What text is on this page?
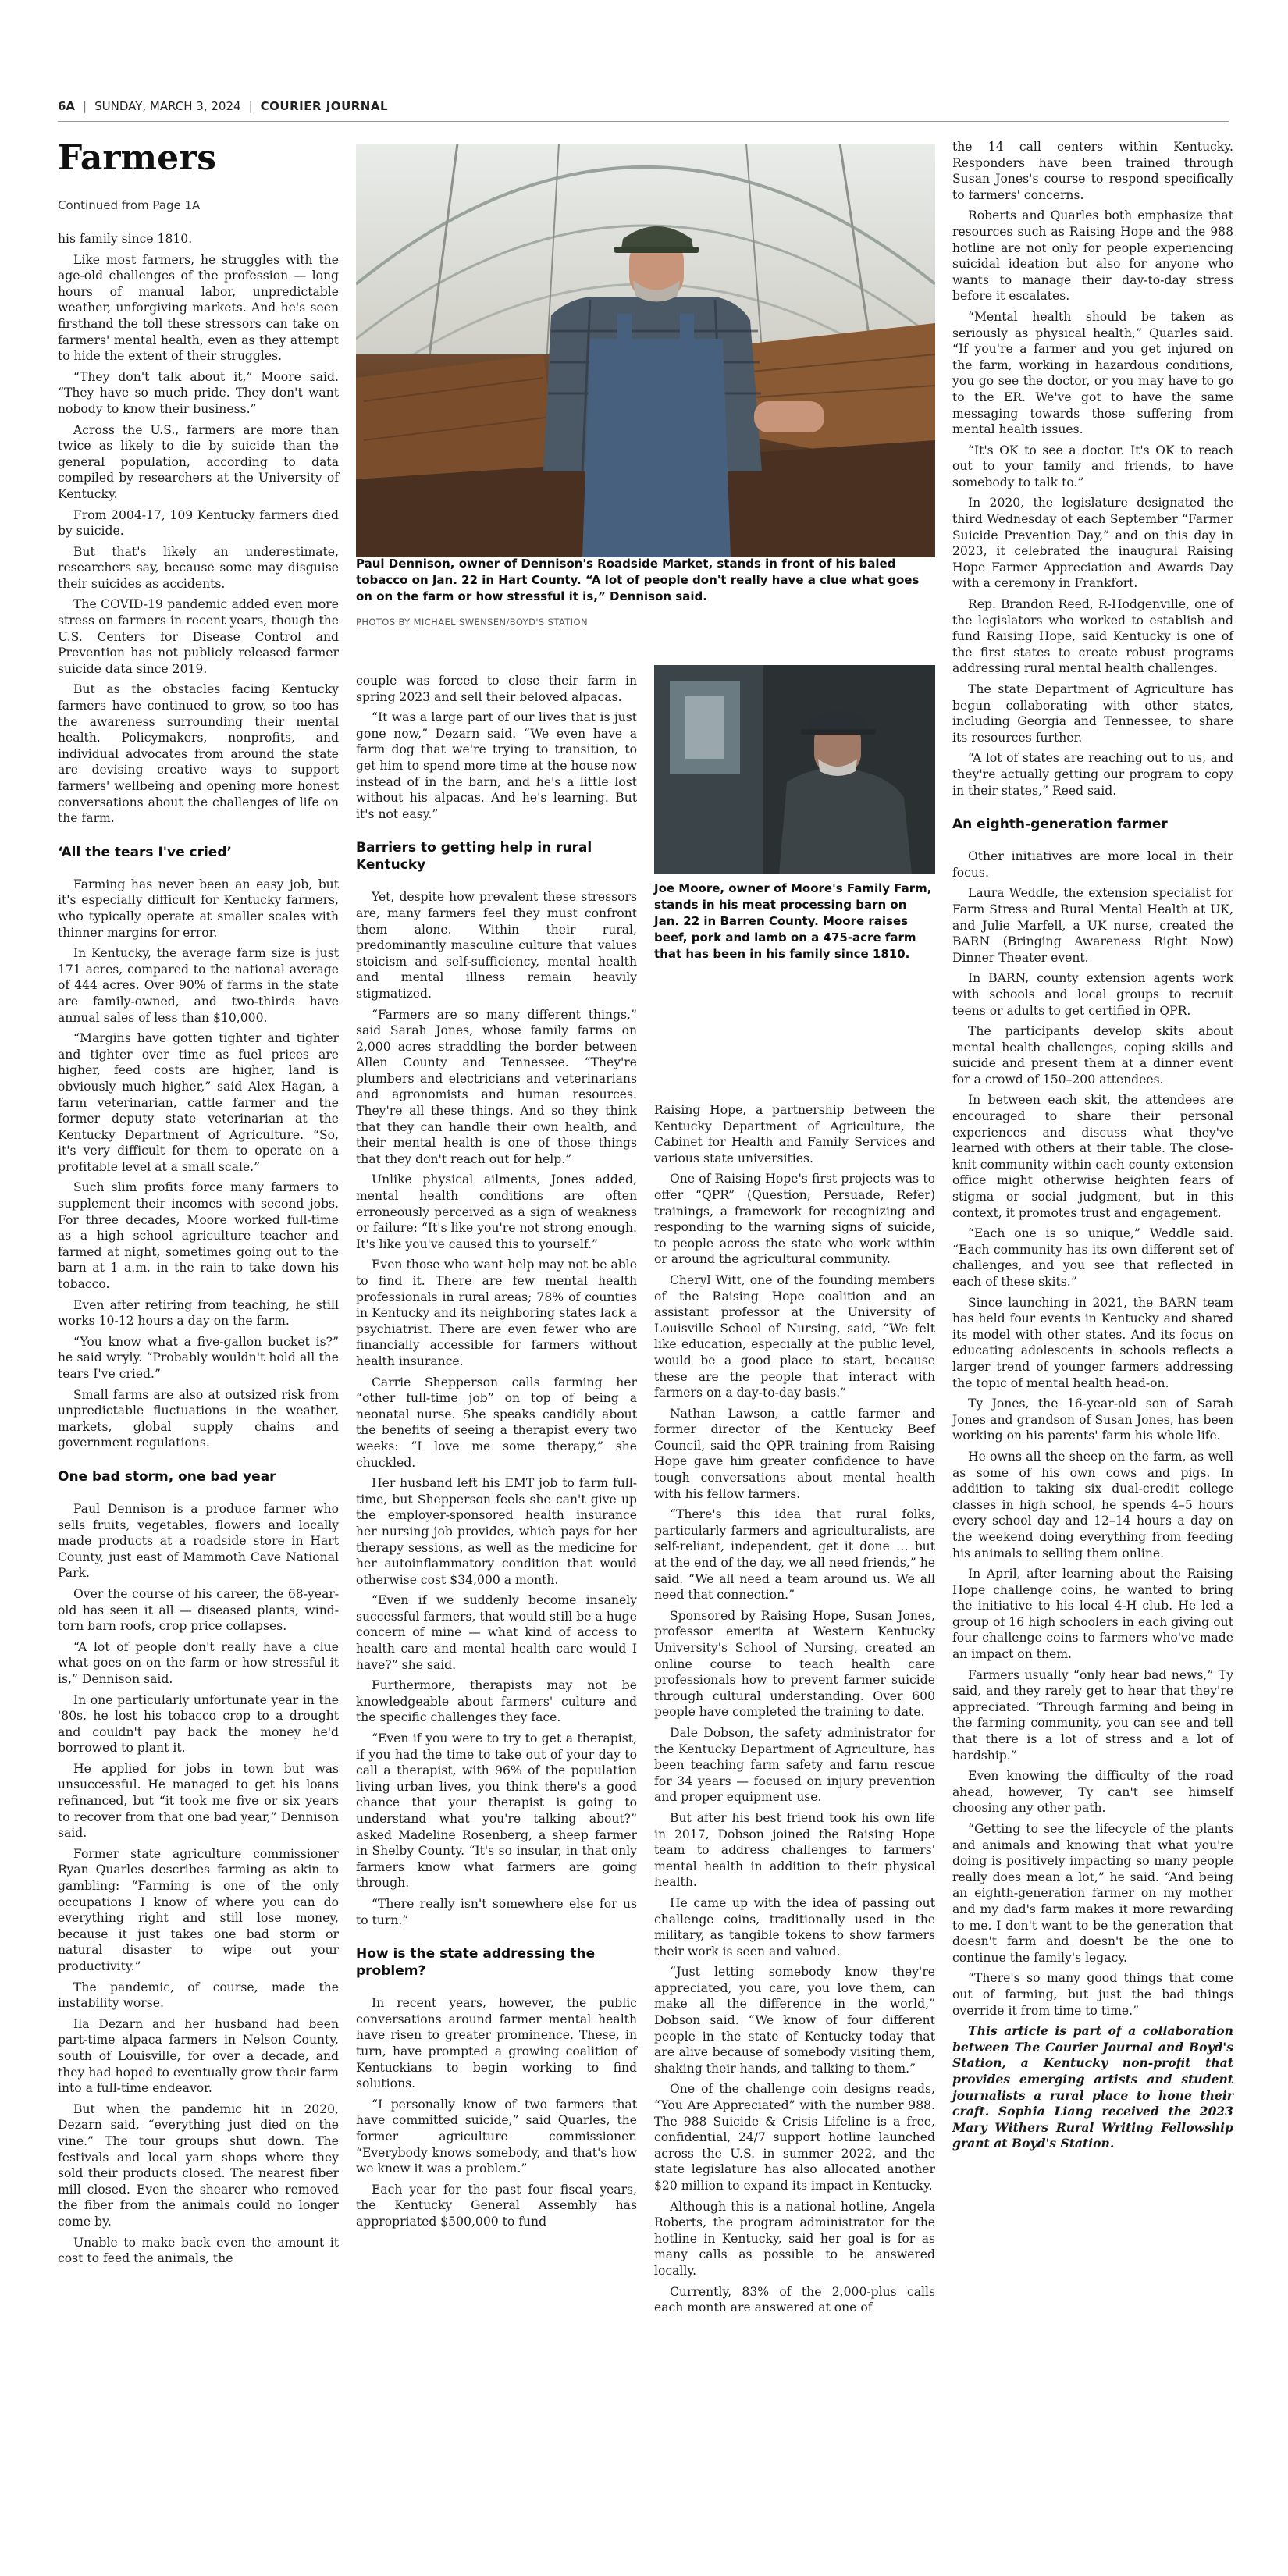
6A | SUNDAY, MARCH 3, 2024 | COURIER JOURNAL
Farmers
Continued from Page 1A
Paul Dennison, owner of Dennison's Roadside Market, stands in front of his baled tobacco on Jan. 22 in Hart County. “A lot of people don't really have a clue what goes on on the farm or how stressful it is,” Dennison said.
PHOTOS BY MICHAEL SWENSEN/BOYD'S STATION
Joe Moore, owner of Moore's Family Farm, stands in his meat processing barn on Jan. 22 in Barren County. Moore raises beef, pork and lamb on a 475-acre farm that has been in his family since 1810.

his family since 1810.

Like most farmers, he struggles with the age-old challenges of the profession — long hours of manual labor, unpredictable weather, unforgiving markets. And he's seen firsthand the toll these stressors can take on farmers' mental health, even as they attempt to hide the extent of their struggles.

“They don't talk about it,” Moore said. “They have so much pride. They don't want nobody to know their business.”

Across the U.S., farmers are more than twice as likely to die by suicide than the general population, according to data compiled by researchers at the University of Kentucky.

From 2004-17, 109 Kentucky farmers died by suicide.

But that's likely an underestimate, researchers say, because some may disguise their suicides as accidents.

The COVID-19 pandemic added even more stress on farmers in recent years, though the U.S. Centers for Disease Control and Prevention has not publicly released farmer suicide data since 2019.

But as the obstacles facing Kentucky farmers have continued to grow, so too has the awareness surrounding their mental health. Policymakers, nonprofits, and individual advocates from around the state are devising creative ways to support farmers' wellbeing and opening more honest conversations about the challenges of life on the farm.

‘All the tears I've cried’

Farming has never been an easy job, but it's especially difficult for Kentucky farmers, who typically operate at smaller scales with thinner margins for error.

In Kentucky, the average farm size is just 171 acres, compared to the national average of 444 acres. Over 90% of farms in the state are family-owned, and two-thirds have annual sales of less than $10,000.

“Margins have gotten tighter and tighter and tighter over time as fuel prices are higher, feed costs are higher, land is obviously much higher,” said Alex Hagan, a farm veterinarian, cattle farmer and the former deputy state veterinarian at the Kentucky Department of Agriculture. “So, it's very difficult for them to operate on a profitable level at a small scale.”

Such slim profits force many farmers to supplement their incomes with second jobs. For three decades, Moore worked full-time as a high school agriculture teacher and farmed at night, sometimes going out to the barn at 1 a.m. in the rain to take down his tobacco.

Even after retiring from teaching, he still works 10-12 hours a day on the farm.

“You know what a five-gallon bucket is?” he said wryly. “Probably wouldn't hold all the tears I've cried.”

Small farms are also at outsized risk from unpredictable fluctuations in the weather, markets, global supply chains and government regulations.

One bad storm, one bad year

Paul Dennison is a produce farmer who sells fruits, vegetables, flowers and locally made products at a roadside store in Hart County, just east of Mammoth Cave National Park.

Over the course of his career, the 68-year-old has seen it all — diseased plants, wind-torn barn roofs, crop price collapses.

“A lot of people don't really have a clue what goes on on the farm or how stressful it is,” Dennison said.

In one particularly unfortunate year in the '80s, he lost his tobacco crop to a drought and couldn't pay back the money he'd borrowed to plant it.

He applied for jobs in town but was unsuccessful. He managed to get his loans refinanced, but “it took me five or six years to recover from that one bad year,” Dennison said.

Former state agriculture commissioner Ryan Quarles describes farming as akin to gambling: “Farming is one of the only occupations I know of where you can do everything right and still lose money, because it just takes one bad storm or natural disaster to wipe out your productivity.”

The pandemic, of course, made the instability worse.

Ila Dezarn and her husband had been part-time alpaca farmers in Nelson County, south of Louisville, for over a decade, and they had hoped to eventually grow their farm into a full-time endeavor.

But when the pandemic hit in 2020, Dezarn said, “everything just died on the vine.” The tour groups shut down. The festivals and local yarn shops where they sold their products closed. The nearest fiber mill closed. Even the shearer who removed the fiber from the animals could no longer come by.

Unable to make back even the amount it cost to feed the animals, the

couple was forced to close their farm in spring 2023 and sell their beloved alpacas.

“It was a large part of our lives that is just gone now,” Dezarn said. “We even have a farm dog that we're trying to transition, to get him to spend more time at the house now instead of in the barn, and he's a little lost without his alpacas. And he's learning. But it's not easy.”

Barriers to getting help in rural Kentucky

Yet, despite how prevalent these stressors are, many farmers feel they must confront them alone. Within their rural, predominantly masculine culture that values stoicism and self-sufficiency, mental health and mental illness remain heavily stigmatized.

“Farmers are so many different things,” said Sarah Jones, whose family farms on 2,000 acres straddling the border between Allen County and Tennessee. “They're plumbers and electricians and veterinarians and agronomists and human resources. They're all these things. And so they think that they can handle their own health, and their mental health is one of those things that they don't reach out for help.”

Unlike physical ailments, Jones added, mental health conditions are often erroneously perceived as a sign of weakness or failure: “It's like you're not strong enough. It's like you've caused this to yourself.”

Even those who want help may not be able to find it. There are few mental health professionals in rural areas; 78% of counties in Kentucky and its neighboring states lack a psychiatrist. There are even fewer who are financially accessible for farmers without health insurance.

Carrie Shepperson calls farming her “other full-time job” on top of being a neonatal nurse. She speaks candidly about the benefits of seeing a therapist every two weeks: “I love me some therapy,” she chuckled.

Her husband left his EMT job to farm full-time, but Shepperson feels she can't give up the employer-sponsored health insurance her nursing job provides, which pays for her therapy sessions, as well as the medicine for her autoinflammatory condition that would otherwise cost $34,000 a month.

“Even if we suddenly become insanely successful farmers, that would still be a huge concern of mine — what kind of access to health care and mental health care would I have?” she said.

Furthermore, therapists may not be knowledgeable about farmers' culture and the specific challenges they face.

“Even if you were to try to get a therapist, if you had the time to take out of your day to call a therapist, with 96% of the population living urban lives, you think there's a good chance that your therapist is going to understand what you're talking about?” asked Madeline Rosenberg, a sheep farmer in Shelby County. “It's so insular, in that only farmers know what farmers are going through.

“There really isn't somewhere else for us to turn.”

How is the state addressing the problem?

In recent years, however, the public conversations around farmer mental health have risen to greater prominence. These, in turn, have prompted a growing coalition of Kentuckians to begin working to find solutions.

“I personally know of two farmers that have committed suicide,” said Quarles, the former agriculture commissioner. “Everybody knows somebody, and that's how we knew it was a problem.”

Each year for the past four fiscal years, the Kentucky General Assembly has appropriated $500,000 to fund

Raising Hope, a partnership between the Kentucky Department of Agriculture, the Cabinet for Health and Family Services and various state universities.

One of Raising Hope's first projects was to offer “QPR” (Question, Persuade, Refer) trainings, a framework for recognizing and responding to the warning signs of suicide, to people across the state who work within or around the agricultural community.

Cheryl Witt, one of the founding members of the Raising Hope coalition and an assistant professor at the University of Louisville School of Nursing, said, “We felt like education, especially at the public level, would be a good place to start, because these are the people that interact with farmers on a day-to-day basis.”

Nathan Lawson, a cattle farmer and former director of the Kentucky Beef Council, said the QPR training from Raising Hope gave him greater confidence to have tough conversations about mental health with his fellow farmers.

“There's this idea that rural folks, particularly farmers and agriculturalists, are self-reliant, independent, get it done … but at the end of the day, we all need friends,” he said. “We all need a team around us. We all need that connection.”

Sponsored by Raising Hope, Susan Jones, professor emerita at Western Kentucky University's School of Nursing, created an online course to teach health care professionals how to prevent farmer suicide through cultural understanding. Over 600 people have completed the training to date.

Dale Dobson, the safety administrator for the Kentucky Department of Agriculture, has been teaching farm safety and farm rescue for 34 years — focused on injury prevention and proper equipment use.

But after his best friend took his own life in 2017, Dobson joined the Raising Hope team to address challenges to farmers' mental health in addition to their physical health.

He came up with the idea of passing out challenge coins, traditionally used in the military, as tangible tokens to show farmers their work is seen and valued.

“Just letting somebody know they're appreciated, you care, you love them, can make all the difference in the world,” Dobson said. “We know of four different people in the state of Kentucky today that are alive because of somebody visiting them, shaking their hands, and talking to them.”

One of the challenge coin designs reads, “You Are Appreciated” with the number 988. The 988 Suicide & Crisis Lifeline is a free, confidential, 24/7 support hotline launched across the U.S. in summer 2022, and the state legislature has also allocated another $20 million to expand its impact in Kentucky.

Although this is a national hotline, Angela Roberts, the program administrator for the hotline in Kentucky, said her goal is for as many calls as possible to be answered locally.

Currently, 83% of the 2,000-plus calls each month are answered at one of

the 14 call centers within Kentucky. Responders have been trained through Susan Jones's course to respond specifically to farmers' concerns.

Roberts and Quarles both emphasize that resources such as Raising Hope and the 988 hotline are not only for people experiencing suicidal ideation but also for anyone who wants to manage their day-to-day stress before it escalates.

“Mental health should be taken as seriously as physical health,” Quarles said. “If you're a farmer and you get injured on the farm, working in hazardous conditions, you go see the doctor, or you may have to go to the ER. We've got to have the same messaging towards those suffering from mental health issues.

“It's OK to see a doctor. It's OK to reach out to your family and friends, to have somebody to talk to.”

In 2020, the legislature designated the third Wednesday of each September “Farmer Suicide Prevention Day,” and on this day in 2023, it celebrated the inaugural Raising Hope Farmer Appreciation and Awards Day with a ceremony in Frankfort.

Rep. Brandon Reed, R-Hodgenville, one of the legislators who worked to establish and fund Raising Hope, said Kentucky is one of the first states to create robust programs addressing rural mental health challenges.

The state Department of Agriculture has begun collaborating with other states, including Georgia and Tennessee, to share its resources further.

“A lot of states are reaching out to us, and they're actually getting our program to copy in their states,” Reed said.

An eighth-generation farmer

Other initiatives are more local in their focus.

Laura Weddle, the extension specialist for Farm Stress and Rural Mental Health at UK, and Julie Marfell, a UK nurse, created the BARN (Bringing Awareness Right Now) Dinner Theater event.

In BARN, county extension agents work with schools and local groups to recruit teens or adults to get certified in QPR.

The participants develop skits about mental health challenges, coping skills and suicide and present them at a dinner event for a crowd of 150–200 attendees.

In between each skit, the attendees are encouraged to share their personal experiences and discuss what they've learned with others at their table. The close-knit community within each county extension office might otherwise heighten fears of stigma or social judgment, but in this context, it promotes trust and engagement.

“Each one is so unique,” Weddle said. “Each community has its own different set of challenges, and you see that reflected in each of these skits.”

Since launching in 2021, the BARN team has held four events in Kentucky and shared its model with other states. And its focus on educating adolescents in schools reflects a larger trend of younger farmers addressing the topic of mental health head-on.

Ty Jones, the 16-year-old son of Sarah Jones and grandson of Susan Jones, has been working on his parents' farm his whole life.

He owns all the sheep on the farm, as well as some of his own cows and pigs. In addition to taking six dual-credit college classes in high school, he spends 4–5 hours every school day and 12–14 hours a day on the weekend doing everything from feeding his animals to selling them online.

In April, after learning about the Raising Hope challenge coins, he wanted to bring the initiative to his local 4-H club. He led a group of 16 high schoolers in each giving out four challenge coins to farmers who've made an impact on them.

Farmers usually “only hear bad news,” Ty said, and they rarely get to hear that they're appreciated. “Through farming and being in the farming community, you can see and tell that there is a lot of stress and a lot of hardship.”

Even knowing the difficulty of the road ahead, however, Ty can't see himself choosing any other path.

“Getting to see the lifecycle of the plants and animals and knowing that what you're doing is positively impacting so many people really does mean a lot,” he said. “And being an eighth-generation farmer on my mother and my dad's farm makes it more rewarding to me. I don't want to be the generation that doesn't farm and doesn't be the one to continue the family's legacy.

“There's so many good things that come out of farming, but just the bad things override it from time to time.”

This article is part of a collaboration between The Courier Journal and Boyd's Station, a Kentucky non-profit that provides emerging artists and student journalists a rural place to hone their craft. Sophia Liang received the 2023 Mary Withers Rural Writing Fellowship grant at Boyd's Station.
